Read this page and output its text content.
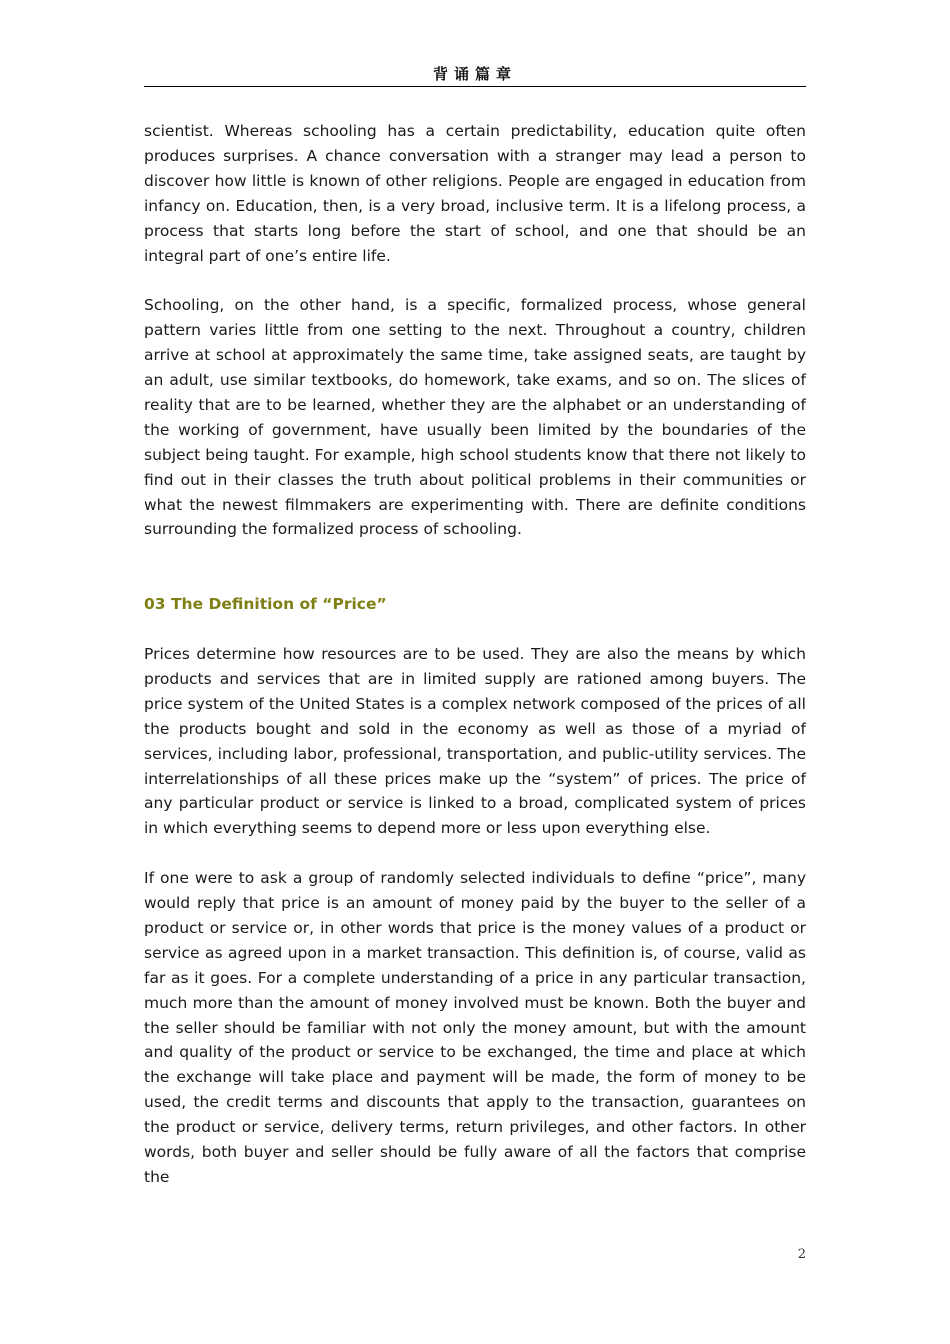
背诵篇章

scientist. Whereas schooling has a certain predictability, education quite often produces surprises. A chance conversation with a stranger may lead a person to discover how little is known of other religions. People are engaged in education from infancy on. Education, then, is a very broad, inclusive term. It is a lifelong process, a process that starts long before the start of school, and one that should be an integral part of one’s entire life.

Schooling, on the other hand, is a specific, formalized process, whose general pattern varies little from one setting to the next. Throughout a country, children arrive at school at approximately the same time, take assigned seats, are taught by an adult, use similar textbooks, do homework, take exams, and so on. The slices of reality that are to be learned, whether they are the alphabet or an understanding of the working of government, have usually been limited by the boundaries of the subject being taught. For example, high school students know that there not likely to find out in their classes the truth about political problems in their communities or what the newest filmmakers are experimenting with. There are definite conditions surrounding the formalized process of schooling.

03 The Definition of “Price”

Prices determine how resources are to be used. They are also the means by which products and services that are in limited supply are rationed among buyers. The price system of the United States is a complex network composed of the prices of all the products bought and sold in the economy as well as those of a myriad of services, including labor, professional, transportation, and public-utility services. The interrelationships of all these prices make up the “system” of prices. The price of any particular product or service is linked to a broad, complicated system of prices in which everything seems to depend more or less upon everything else.

If one were to ask a group of randomly selected individuals to define “price”, many would reply that price is an amount of money paid by the buyer to the seller of a product or service or, in other words that price is the money values of a product or service as agreed upon in a market transaction. This definition is, of course, valid as far as it goes. For a complete understanding of a price in any particular transaction, much more than the amount of money involved must be known. Both the buyer and the seller should be familiar with not only the money amount, but with the amount and quality of the product or service to be exchanged, the time and place at which the exchange will take place and payment will be made, the form of money to be used, the credit terms and discounts that apply to the transaction, guarantees on the product or service, delivery terms, return privileges, and other factors. In other words, both buyer and seller should be fully aware of all the factors that comprise the

2
